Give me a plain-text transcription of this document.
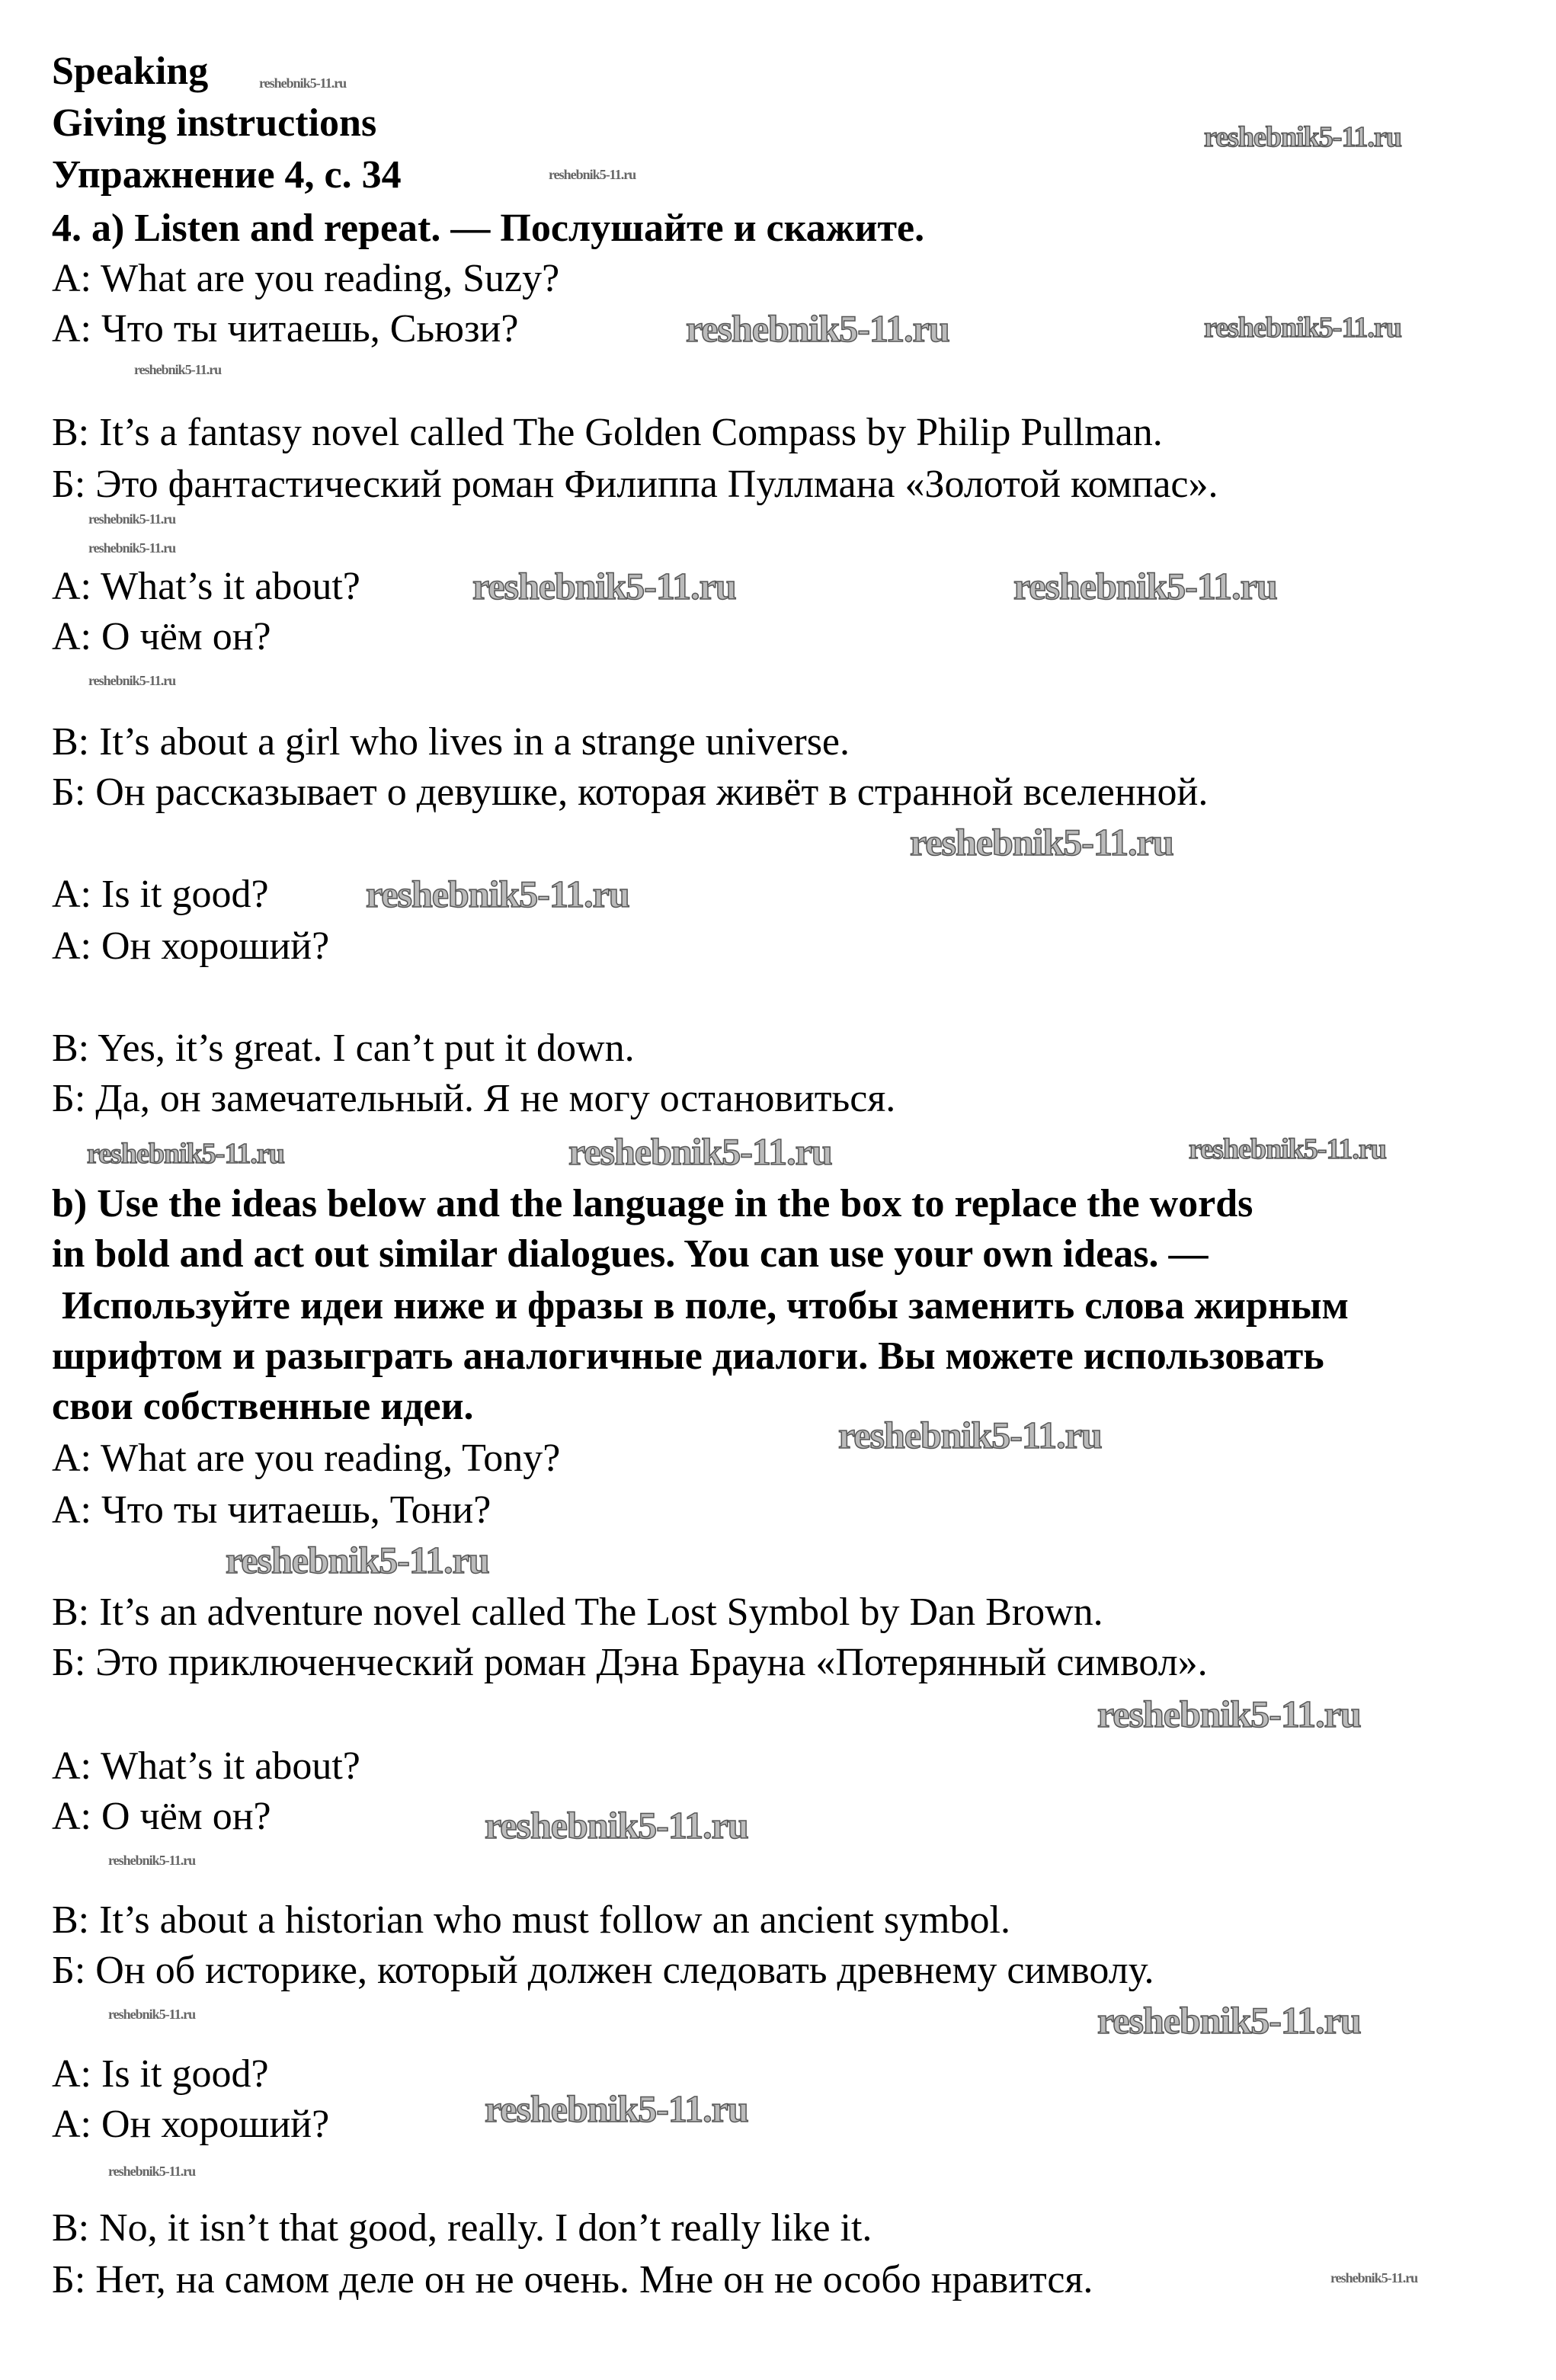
Speaking
Giving instructions
Упражнение 4, с. 34
4. a) Listen and repeat. — Послушайте и скажите.
A: What are you reading, Suzy?
А: Что ты читаешь, Сьюзи?
B: It’s a fantasy novel called The Golden Compass by Philip Pullman.
Б: Это фантастический роман Филиппа Пуллмана «Золотой компас».
A: What’s it about?
А: О чём он?
B: It’s about a girl who lives in a strange universe.
Б: Он рассказывает о девушке, которая живёт в странной вселенной.
A: Is it good?
А: Он хороший?
B: Yes, it’s great. I can’t put it down.
Б: Да, он замечательный. Я не могу остановиться.
b) Use the ideas below and the language in the box to replace the words
in bold and act out similar dialogues. You can use your own ideas. —
Используйте идеи ниже и фразы в поле, чтобы заменить слова жирным
шрифтом и разыграть аналогичные диалоги. Вы можете использовать
свои собственные идеи.
A: What are you reading, Tony?
А: Что ты читаешь, Тони?
B: It’s an adventure novel called The Lost Symbol by Dan Brown.
Б: Это приключенческий роман Дэна Брауна «Потерянный символ».
A: What’s it about?
А: О чём он?
B: It’s about a historian who must follow an ancient symbol.
Б: Он об историке, который должен следовать древнему символу.
A: Is it good?
А: Он хороший?
B: No, it isn’t that good, really. I don’t really like it.
Б: Нет, на самом деле он не очень. Мне он не особо нравится.
reshebnik5-11.ru
reshebnik5-11.ru
reshebnik5-11.ru
reshebnik5-11.ru
reshebnik5-11.ru	reshebnik5-11.ru
reshebnik5-11.ru
reshebnik5-11.ru
reshebnik5-11.ru	reshebnik5-11.ru
reshebnik5-11.ru
reshebnik5-11.ru
reshebnik5-11.ru
reshebnik5-11.ru
reshebnik5-11.ru
reshebnik5-11.ru
reshebnik5-11.ru
reshebnik5-11.ru
reshebnik5-11.ru
reshebnik5-11.ru
reshebnik5-11.ru
reshebnik5-11.ru	reshebnik5-11.ru
reshebnik5-11.ru
reshebnik5-11.ru
reshebnik5-11.ru
